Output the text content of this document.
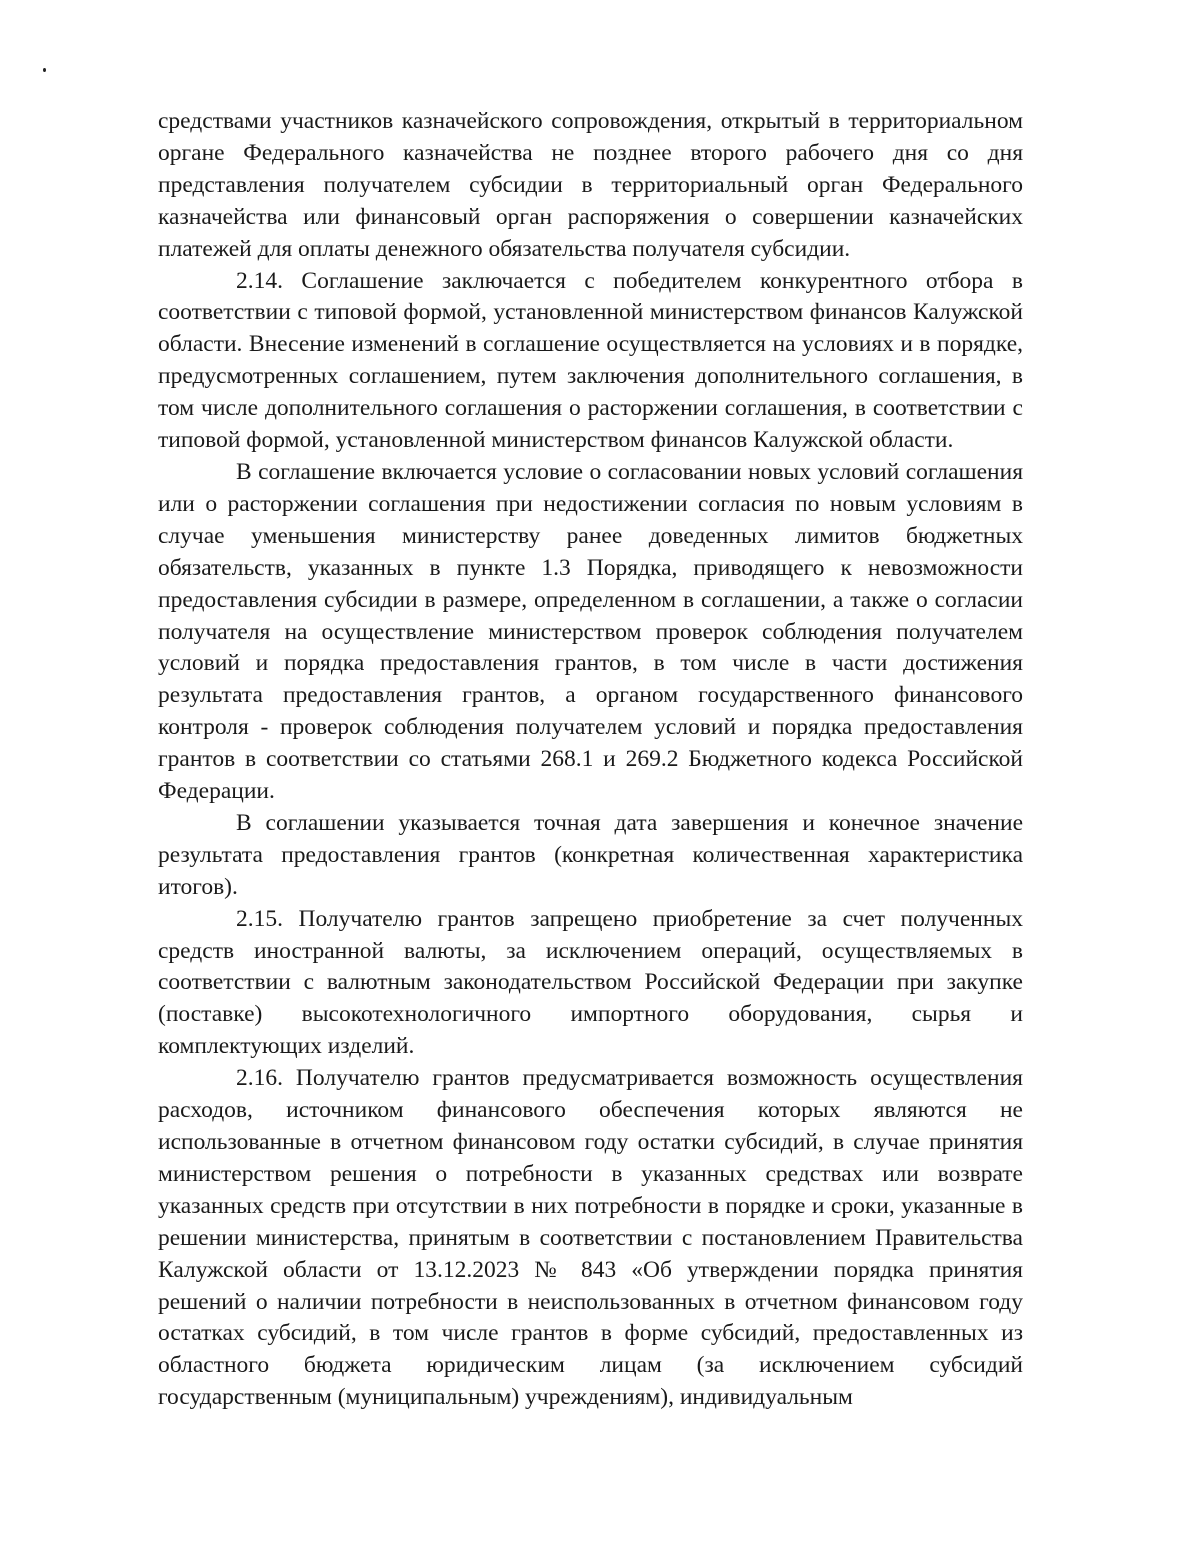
средствами участников казначейского сопровождения, открытый в территориальном органе Федерального казначейства не позднее второго рабочего дня со дня представления получателем субсидии в территориальный орган Федерального казначейства или финансовый орган распоряжения о совершении казначейских платежей для оплаты денежного обязательства получателя субсидии.

2.14. Соглашение заключается с победителем конкурентного отбора в соответствии с типовой формой, установленной министерством финансов Калужской области. Внесение изменений в соглашение осуществляется на условиях и в порядке, предусмотренных соглашением, путем заключения дополнительного соглашения, в том числе дополнительного соглашения о расторжении соглашения, в соответствии с типовой формой, установленной министерством финансов Калужской области.

В соглашение включается условие о согласовании новых условий соглашения или о расторжении соглашения при недостижении согласия по новым условиям в случае уменьшения министерству ранее доведенных лимитов бюджетных обязательств, указанных в пункте 1.3 Порядка, приводящего к невозможности предоставления субсидии в размере, определенном в соглашении, а также о согласии получателя на осуществление министерством проверок соблюдения получателем условий и порядка предоставления грантов, в том числе в части достижения результата предоставления грантов, а органом государственного финансового контроля - проверок соблюдения получателем условий и порядка предоставления грантов в соответствии со статьями 268.1 и 269.2 Бюджетного кодекса Российской Федерации.

В соглашении указывается точная дата завершения и конечное значение результата предоставления грантов (конкретная количественная характеристика итогов).

2.15. Получателю грантов запрещено приобретение за счет полученных средств иностранной валюты, за исключением операций, осуществляемых в соответствии с валютным законодательством Российской Федерации при закупке (поставке) высокотехнологичного импортного оборудования, сырья и комплектующих изделий.

2.16. Получателю грантов предусматривается возможность осуществления расходов, источником финансового обеспечения которых являются не использованные в отчетном финансовом году остатки субсидий, в случае принятия министерством решения о потребности в указанных средствах или возврате указанных средств при отсутствии в них потребности в порядке и сроки, указанные в решении министерства, принятым в соответствии с постановлением Правительства Калужской области от 13.12.2023 № 843 «Об утверждении порядка принятия решений о наличии потребности в неиспользованных в отчетном финансовом году остатках субсидий, в том числе грантов в форме субсидий, предоставленных из областного бюджета юридическим лицам (за исключением субсидий государственным (муниципальным) учреждениям), индивидуальным
